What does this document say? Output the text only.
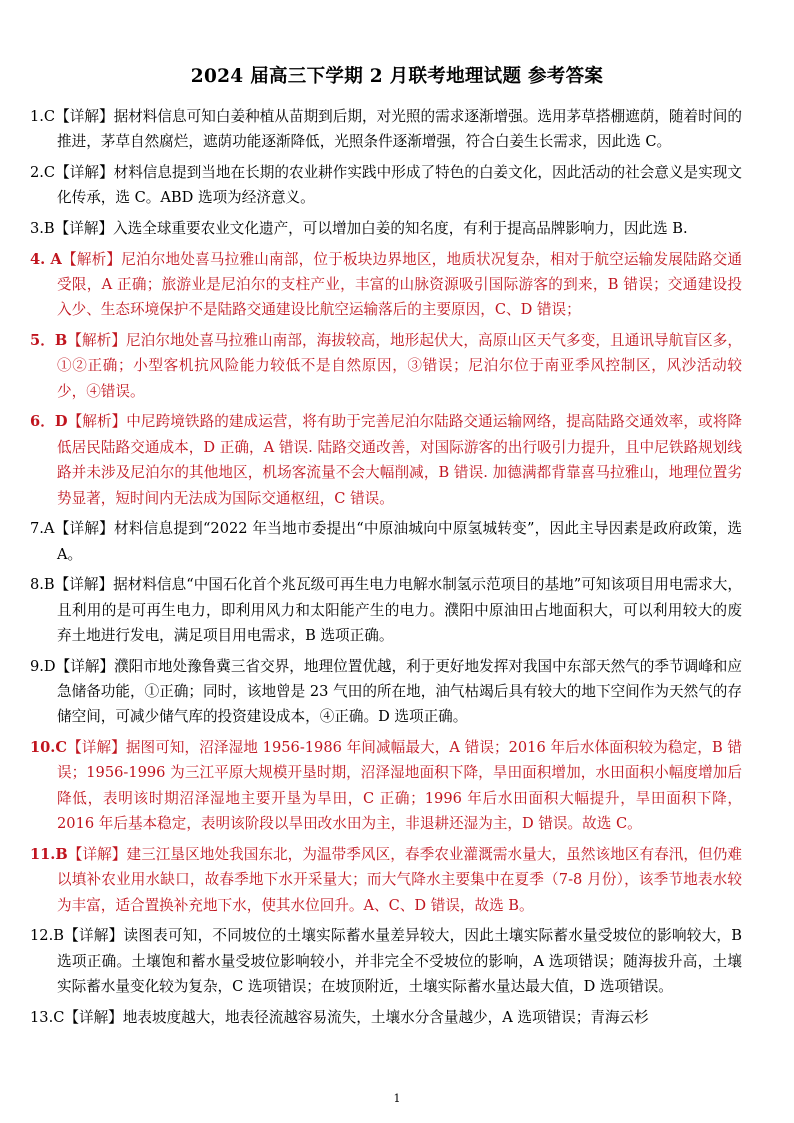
2024 届高三下学期 2 月联考地理试题 参考答案

1.C【详解】据材料信息可知白姜种植从苗期到后期，对光照的需求逐渐增强。选用茅草搭棚遮荫，随着时间的推进，茅草自然腐烂，遮荫功能逐渐降低，光照条件逐渐增强，符合白姜生长需求，因此选 C。

2.C【详解】材料信息提到当地在长期的农业耕作实践中形成了特色的白姜文化，因此活动的社会意义是实现文化传承，选 C。ABD 选项为经济意义。

3.B【详解】入选全球重要农业文化遗产，可以增加白姜的知名度，有利于提高品牌影响力，因此选 B.

4. A【解析】尼泊尔地处喜马拉雅山南部，位于板块边界地区，地质状况复杂，相对于航空运输发展陆路交通受限，A 正确；旅游业是尼泊尔的支柱产业，丰富的山脉资源吸引国际游客的到来，B 错误；交通建设投入少、生态环境保护不是陆路交通建设比航空运输落后的主要原因，C、D 错误；

5．B【解析】尼泊尔地处喜马拉雅山南部，海拔较高，地形起伏大，高原山区天气多变，且通讯导航盲区多，①②正确；小型客机抗风险能力较低不是自然原因，③错误；尼泊尔位于南亚季风控制区，风沙活动较少，④错误。

6．D【解析】中尼跨境铁路的建成运营，将有助于完善尼泊尔陆路交通运输网络，提高陆路交通效率，或将降低居民陆路交通成本，D 正确，A 错误. 陆路交通改善，对国际游客的出行吸引力提升，且中尼铁路规划线路并未涉及尼泊尔的其他地区，机场客流量不会大幅削减，B 错误. 加德满都背靠喜马拉雅山，地理位置劣势显著，短时间内无法成为国际交通枢纽，C 错误。

7.A【详解】材料信息提到“2022 年当地市委提出“中原油城向中原氢城转变”，因此主导因素是政府政策，选 A。

8.B【详解】据材料信息“中国石化首个兆瓦级可再生电力电解水制氢示范项目的基地”可知该项目用电需求大，且利用的是可再生电力，即利用风力和太阳能产生的电力。濮阳中原油田占地面积大，可以利用较大的废弃土地进行发电，满足项目用电需求，B 选项正确。

9.D【详解】濮阳市地处豫鲁冀三省交界，地理位置优越，利于更好地发挥对我国中东部天然气的季节调峰和应急储备功能，①正确；同时，该地曾是 23 气田的所在地，油气枯竭后具有较大的地下空间作为天然气的存储空间，可减少储气库的投资建设成本，④正确。D 选项正确。

10.C【详解】据图可知，沼泽湿地 1956-1986 年间减幅最大，A 错误；2016 年后水体面积较为稳定，B 错误；1956-1996 为三江平原大规模开垦时期，沼泽湿地面积下降，旱田面积增加，水田面积小幅度增加后降低，表明该时期沼泽湿地主要开垦为旱田，C 正确；1996 年后水田面积大幅提升，旱田面积下降，2016 年后基本稳定，表明该阶段以旱田改水田为主，非退耕还湿为主，D 错误。故选 C。

11.B【详解】建三江垦区地处我国东北，为温带季风区，春季农业灌溉需水量大，虽然该地区有春汛，但仍难以填补农业用水缺口，故春季地下水开采量大；而大气降水主要集中在夏季（7-8 月份），该季节地表水较为丰富，适合置换补充地下水，使其水位回升。A、C、D 错误，故选 B。

12.B【详解】读图表可知，不同坡位的土壤实际蓄水量差异较大，因此土壤实际蓄水量受坡位的影响较大，B 选项正确。土壤饱和蓄水量受坡位影响较小，并非完全不受坡位的影响，A 选项错误；随海拔升高，土壤实际蓄水量变化较为复杂，C 选项错误；在坡顶附近，土壤实际蓄水量达最大值，D 选项错误。

13.C【详解】地表坡度越大，地表径流越容易流失，土壤水分含量越少，A 选项错误；青海云杉

1
